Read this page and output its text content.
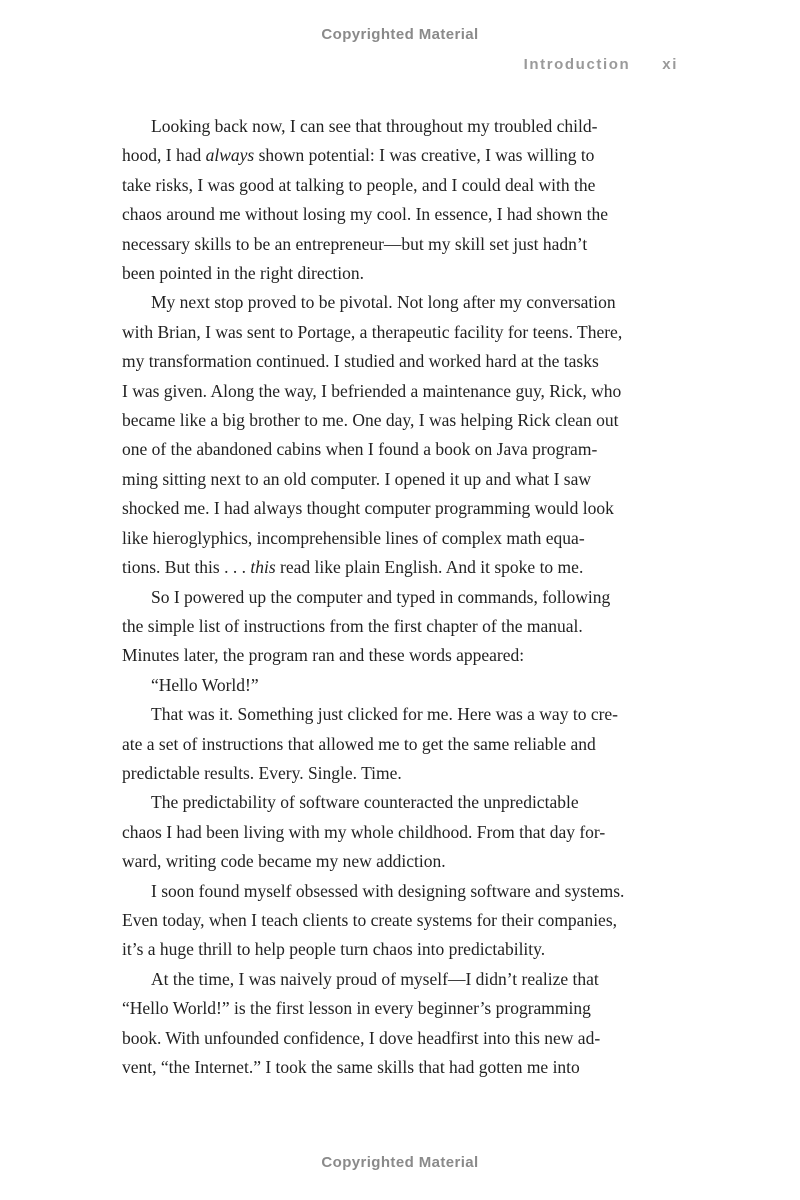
Copyrighted Material
Introduction xi
Looking back now, I can see that throughout my troubled child-
hood, I had always shown potential: I was creative, I was willing to
take risks, I was good at talking to people, and I could deal with the
chaos around me without losing my cool. In essence, I had shown the
necessary skills to be an entrepreneur—but my skill set just hadn’t
been pointed in the right direction.
My next stop proved to be pivotal. Not long after my conversation
with Brian, I was sent to Portage, a therapeutic facility for teens. There,
my transformation continued. I studied and worked hard at the tasks
I was given. Along the way, I befriended a maintenance guy, Rick, who
became like a big brother to me. One day, I was helping Rick clean out
one of the abandoned cabins when I found a book on Java program-
ming sitting next to an old computer. I opened it up and what I saw
shocked me. I had always thought computer programming would look
like hieroglyphics, incomprehensible lines of complex math equa-
tions. But this . . . this read like plain English. And it spoke to me.
So I powered up the computer and typed in commands, following
the simple list of instructions from the first chapter of the manual.
Minutes later, the program ran and these words appeared:
“Hello World!”
That was it. Something just clicked for me. Here was a way to cre-
ate a set of instructions that allowed me to get the same reliable and
predictable results. Every. Single. Time.
The predictability of software counteracted the unpredictable
chaos I had been living with my whole childhood. From that day for-
ward, writing code became my new addiction.
I soon found myself obsessed with designing software and systems.
Even today, when I teach clients to create systems for their companies,
it’s a huge thrill to help people turn chaos into predictability.
At the time, I was naively proud of myself—I didn’t realize that
“Hello World!” is the first lesson in every beginner’s programming
book. With unfounded confidence, I dove headfirst into this new ad-
vent, “the Internet.” I took the same skills that had gotten me into
Copyrighted Material
